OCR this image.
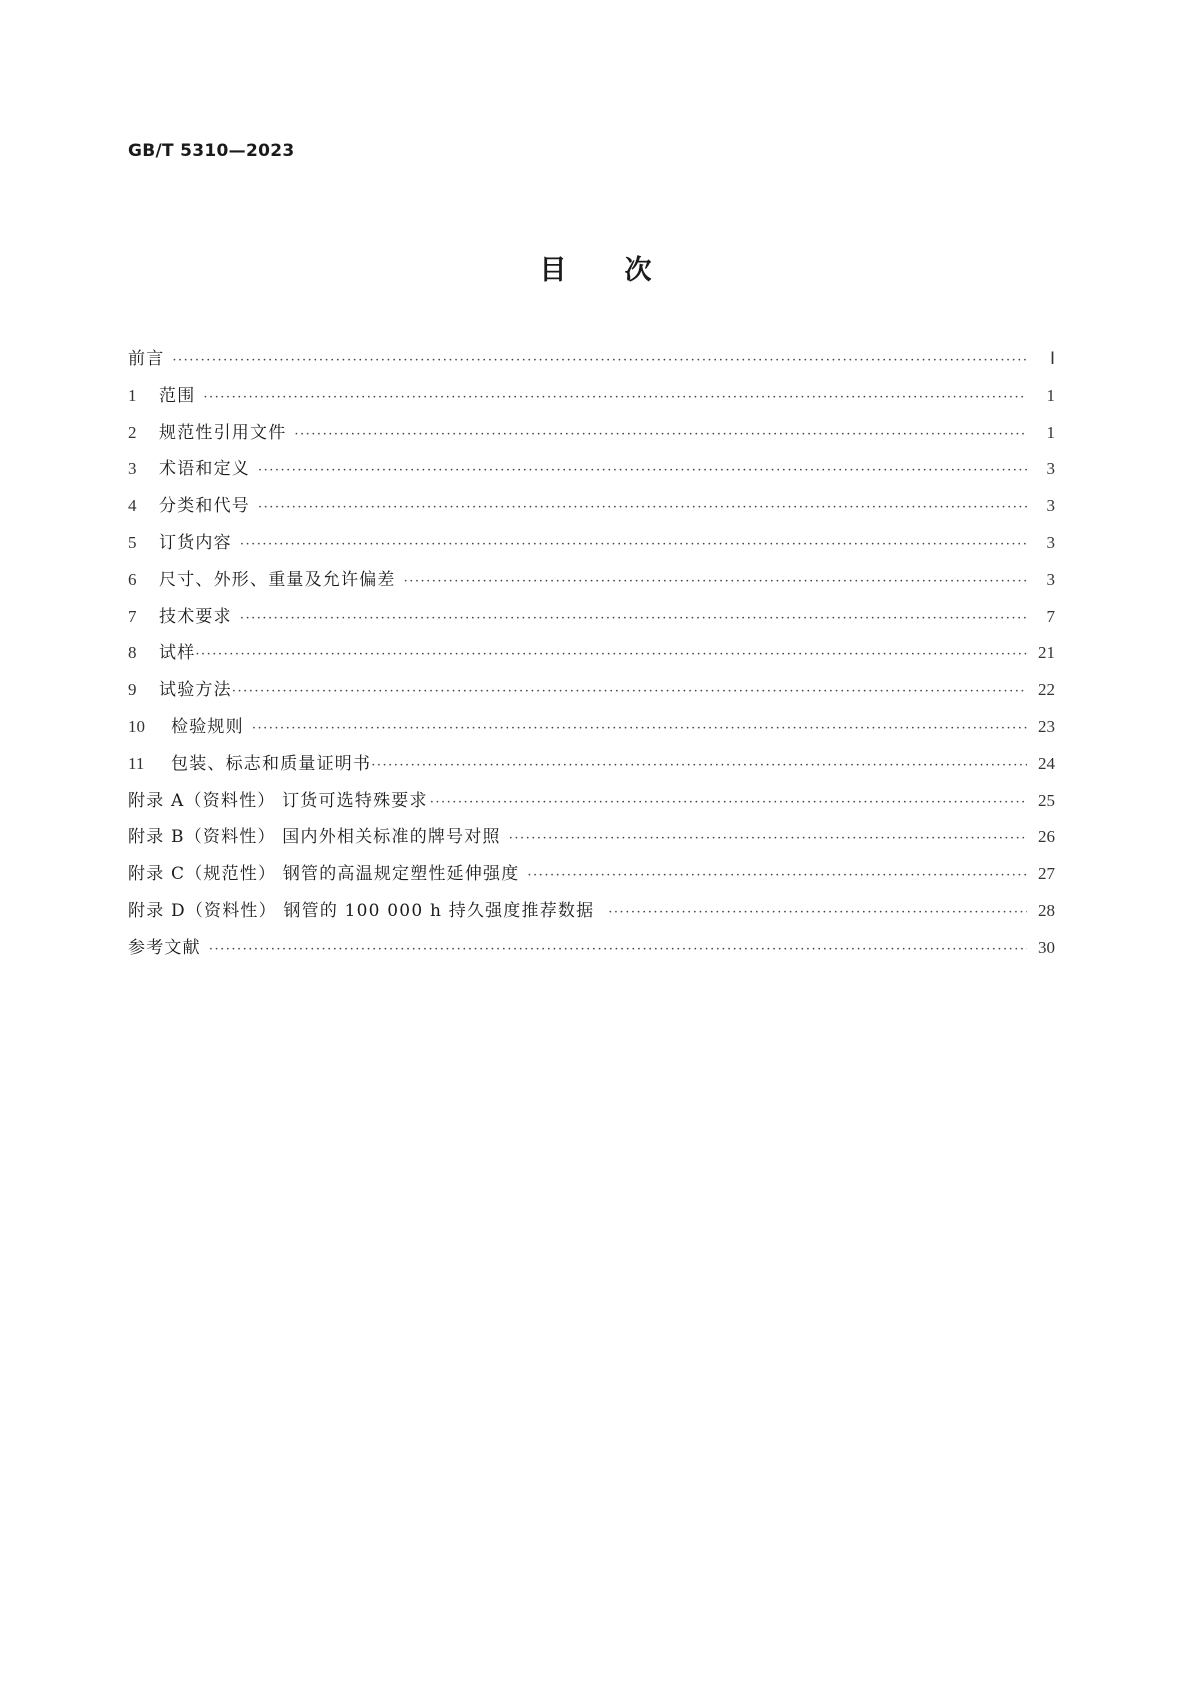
GB/T 5310—2023
目次
前言 ·····	Ⅰ
1	范围 ·····	1
2	规范性引用文件 ·····	1
3	术语和定义 ·····	3
4	分类和代号 ·····	3
5	订货内容 ·····	3
6	尺寸、外形、重量及允许偏差 ·····	3
7	技术要求 ·····	7
8	试样 ·····	21
9	试验方法 ·····	22
10	检验规则 ·····	23
11	包装、标志和质量证明书 ·····	24
附录 A（资料性） 订货可选特殊要求 ·····	25
附录 B（资料性） 国内外相关标准的牌号对照 ·····	26
附录 C（规范性） 钢管的高温规定塑性延伸强度 ·····	27
附录 D（资料性） 钢管的 100 000 h 持久强度推荐数据 ·····	28
参考文献 ·····	30
